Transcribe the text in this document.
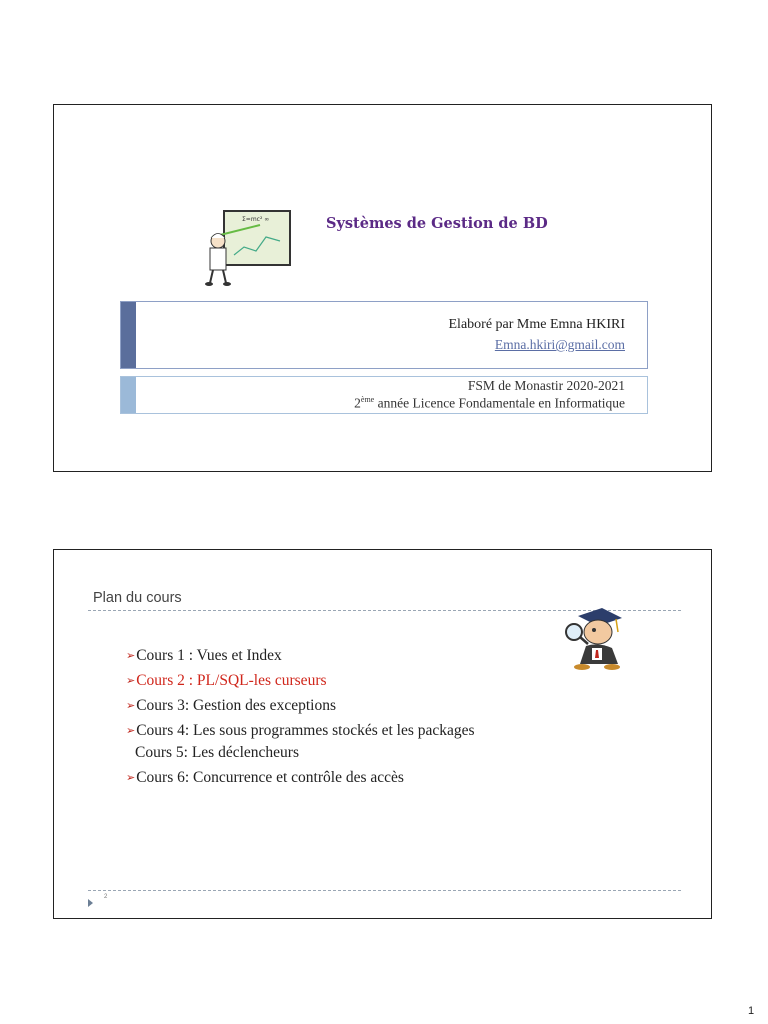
Ʃ=mc² ∞	Systèmes de Gestion de BD
Elaboré par Mme Emna HKIRI
Emna.hkiri@gmail.com
FSM de Monastir 2020-2021
2ème année Licence Fondamentale en Informatique
Plan du cours
➢Cours 1 : Vues et Index
➢Cours 2 : PL/SQL-les curseurs
➢Cours 3: Gestion des exceptions
➢Cours 4: Les sous programmes stockés et les packages
Cours 5: Les déclencheurs
➢Cours 6: Concurrence et contrôle des accès
2
1
